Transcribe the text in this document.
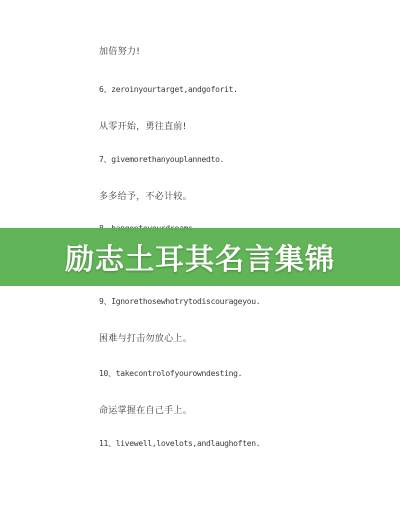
加倍努力!

6、zeroinyourtarget,andgoforit.

从零开始，勇往直前!

7、givemorethanyouplannedto.

多多给予，不必计较。

9、Ignorethosewhotrytodiscourageyou.

困难与打击勿放心上。

10、takecontrolofyourowndesting.

命运掌握在自己手上。

11、livewell,lovelots,andlaughoften.

励志土耳其名言集锦
